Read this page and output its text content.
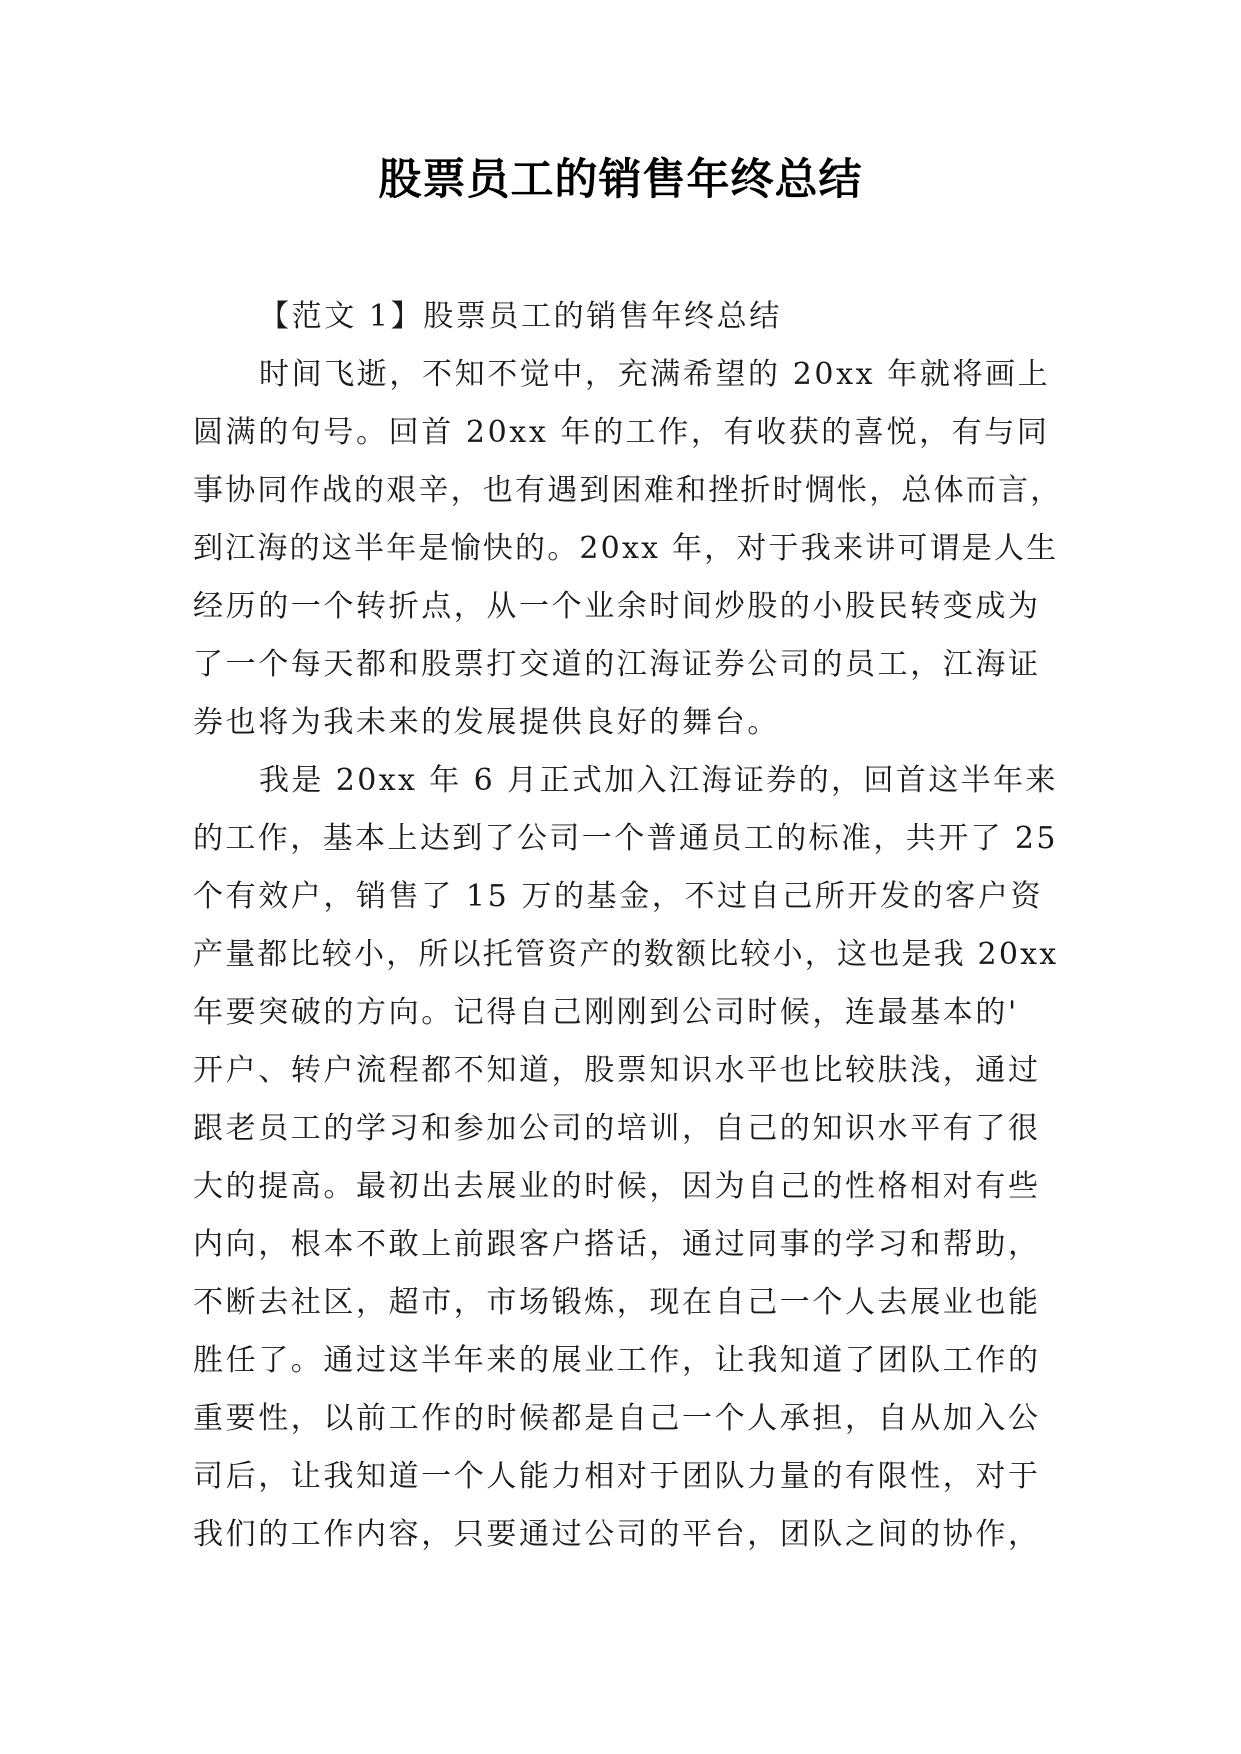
股票员工的销售年终总结
【范文 1】股票员工的销售年终总结
时间飞逝，不知不觉中，充满希望的 20xx 年就将画上
圆满的句号。回首 20xx 年的工作，有收获的喜悦，有与同
事协同作战的艰辛，也有遇到困难和挫折时惆怅，总体而言，
到江海的这半年是愉快的。20xx 年，对于我来讲可谓是人生
经历的一个转折点，从一个业余时间炒股的小股民转变成为
了一个每天都和股票打交道的江海证券公司的员工，江海证
券也将为我未来的发展提供良好的舞台。
我是 20xx 年 6 月正式加入江海证券的，回首这半年来
的工作，基本上达到了公司一个普通员工的标准，共开了 25
个有效户，销售了 15 万的基金，不过自己所开发的客户资
产量都比较小，所以托管资产的数额比较小，这也是我 20xx
年要突破的方向。记得自己刚刚到公司时候，连最基本的'
开户、转户流程都不知道，股票知识水平也比较肤浅，通过
跟老员工的学习和参加公司的培训，自己的知识水平有了很
大的提高。最初出去展业的时候，因为自己的性格相对有些
内向，根本不敢上前跟客户搭话，通过同事的学习和帮助，
不断去社区，超市，市场锻炼，现在自己一个人去展业也能
胜任了。通过这半年来的展业工作，让我知道了团队工作的
重要性，以前工作的时候都是自己一个人承担，自从加入公
司后，让我知道一个人能力相对于团队力量的有限性，对于
我们的工作内容，只要通过公司的平台，团队之间的协作，
